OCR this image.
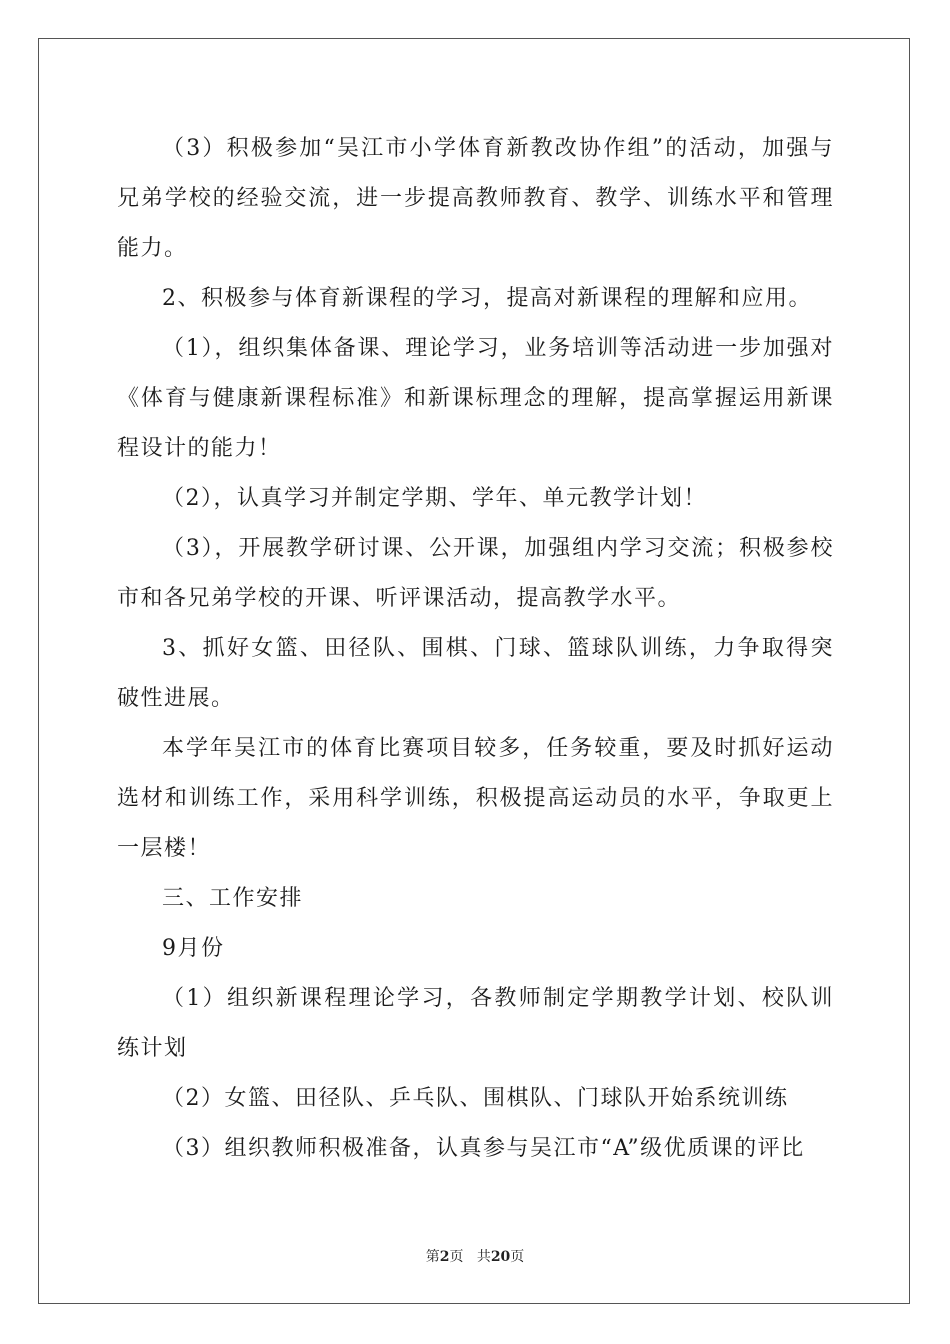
（3）积极参加“吴江市小学体育新教改协作组”的活动，加强与兄弟学校的经验交流，进一步提高教师教育、教学、训练水平和管理能力。

2、积极参与体育新课程的学习，提高对新课程的理解和应用。

（1），组织集体备课、理论学习，业务培训等活动进一步加强对《体育与健康新课程标准》和新课标理念的理解，提高掌握运用新课程设计的能力！

（2），认真学习并制定学期、学年、单元教学计划！

（3），开展教学研讨课、公开课，加强组内学习交流；积极参校市和各兄弟学校的开课、听评课活动，提高教学水平。

3、抓好女篮、田径队、围棋、门球、篮球队训练，力争取得突破性进展。

本学年吴江市的体育比赛项目较多，任务较重，要及时抓好运动选材和训练工作，采用科学训练，积极提高运动员的水平，争取更上一层楼！

三、工作安排

9月份

（1）组织新课程理论学习，各教师制定学期教学计划、校队训练计划

（2）女篮、田径队、乒乓队、围棋队、门球队开始系统训练

（3）组织教师积极准备，认真参与吴江市“A”级优质课的评比

第2页 共20页
